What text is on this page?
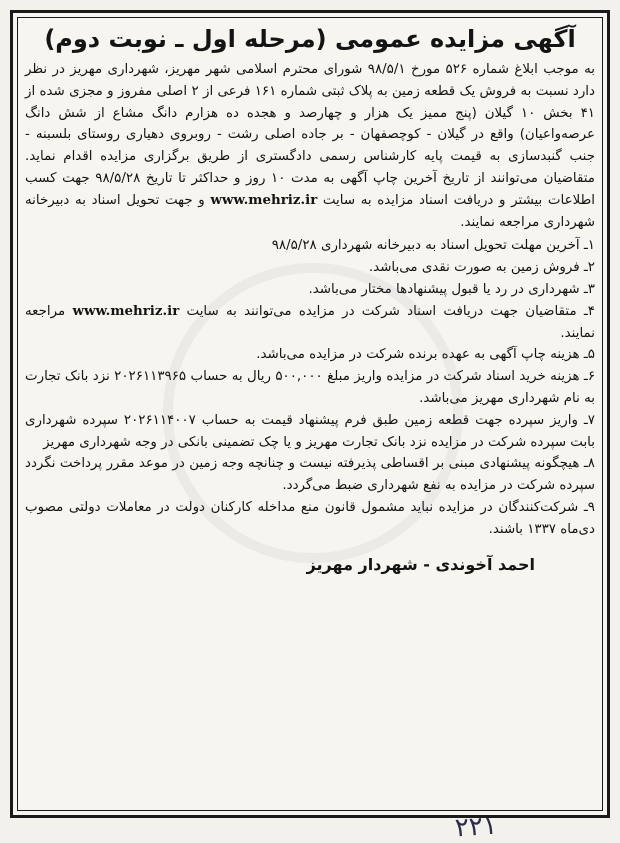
آگهی مزایده عمومی (مرحله اول ـ نوبت دوم)

به موجب ابلاغ شماره ۵۲۶ مورخ ۹۸/۵/۱ شورای محترم اسلامی شهر مهریز، شهرداری مهریز در نظر دارد نسبت به فروش یک قطعه زمین به پلاک ثبتی شماره ۱۶۱ فرعی از ۲ اصلی مفروز و مجزی شده از ۴۱ بخش ۱۰ گیلان (پنج ممیز یک هزار و چهارصد و هجده ده هزارم دانگ مشاع از شش دانگ عرصه‌واعیان) واقع در گیلان - کوچصفهان - بر جاده اصلی رشت - روبروی دهیاری روستای بلسبنه - جنب گنبدسازی به قیمت پایه کارشناس رسمی دادگستری از طریق برگزاری مزایده اقدام نماید. متقاضیان می‌توانند از تاریخ آخرین چاپ آگهی به مدت ۱۰ روز و حداکثر تا تاریخ ۹۸/۵/۲۸ جهت کسب اطلاعات بیشتر و دریافت اسناد مزایده به سایت www.mehriz.ir و جهت تحویل اسناد به دبیرخانه شهرداری مراجعه نمایند.

۱ـ آخرین مهلت تحویل اسناد به دبیرخانه شهرداری ۹۸/۵/۲۸
۲ـ فروش زمین به صورت نقدی می‌باشد.
۳ـ شهرداری در رد یا قبول پیشنهادها مختار می‌باشد.
۴ـ متقاضیان جهت دریافت اسناد شرکت در مزایده می‌توانند به سایت www.mehriz.ir مراجعه نمایند.
۵ـ هزینه چاپ آگهی به عهده برنده شرکت در مزایده می‌باشد.
۶ـ هزینه خرید اسناد شرکت در مزایده واریز مبلغ ۵۰۰,۰۰۰ ریال به حساب ۲۰۲۶۱۱۳۹۶۵ نزد بانک تجارت به نام شهرداری مهریز می‌باشد.
۷ـ واریز سپرده جهت قطعه زمین طبق فرم پیشنهاد قیمت به حساب ۲۰۲۶۱۱۴۰۰۷ سپرده شهرداری بابت سپرده شرکت در مزایده نزد بانک تجارت مهریز و یا چک تضمینی بانکی در وجه شهرداری مهریز
۸ـ هیچگونه پیشنهادی مبنی بر اقساطی پذیرفته نیست و چنانچه وجه زمین در موعد مقرر پرداخت نگردد سپرده شرکت در مزایده به نفع شهرداری ضبط می‌گردد.
۹ـ شرکت‌کنندگان در مزایده نباید مشمول قانون منع مداخله کارکنان دولت در معاملات دولتی مصوب دی‌ماه ۱۳۳۷ باشند.
احمد آخوندی - شهردار مهریز
۲۲۱
